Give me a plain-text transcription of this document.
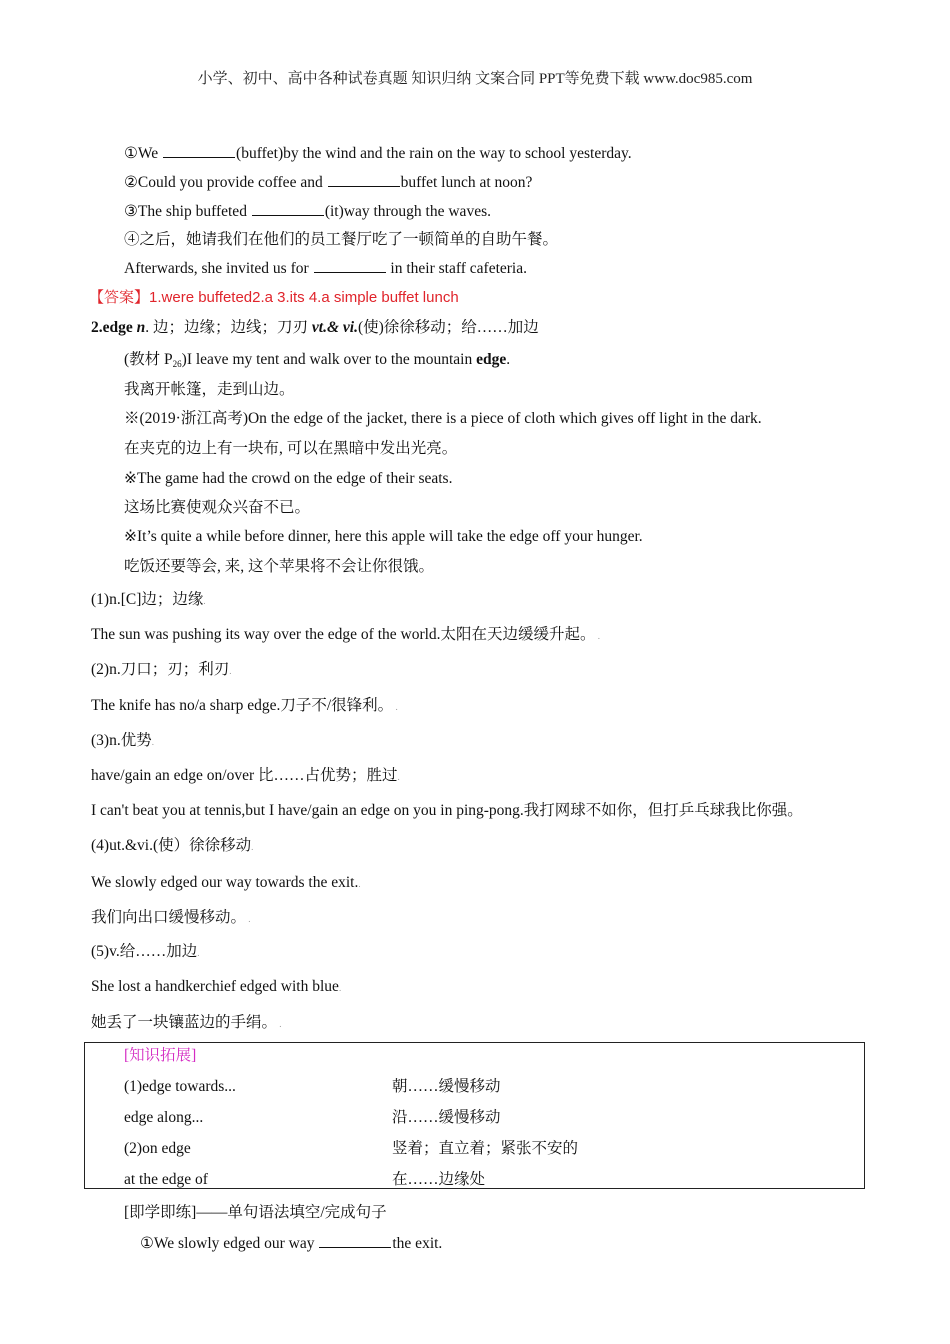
小学、初中、高中各种试卷真题 知识归纳 文案合同 PPT等免费下载 www.doc985.com
①We	(buffet)by the wind and the rain on the way to school yesterday.
②Could you provide coffee and	buffet lunch at noon?
③The ship buffeted	(it)way through the waves.
④之后，她请我们在他们的员工餐厅吃了一顿简单的自助午餐。
Afterwards, she invited us for	in their staff cafeteria.
【答案】1.were buffeted2.a 3.its 4.a simple buffet lunch
2.edge n. 边；边缘；边线；刀刃 vt.& vi.(使)徐徐移动；给……加边
(教材 $P_{26})I$ leave my tent and walk over to the mountain edge.
我离开帐篷，走到山边。
※(2019·浙江高考)On the edge of the jacket, there is a piece of cloth which gives off light in the dark.
在夹克的边上有一块布, 可以在黑暗中发出光亮。
※The game had the crowd on the edge of their seats.
这场比赛使观众兴奋不已。
※It’s quite a while before dinner, here this apple will take the edge off your hunger.
吃饭还要等会, 来, 这个苹果将不会让你很饿。
(1)n.[C]边；边缘.
The sun was pushing its way over the edge of the world.太阳在天边缓缓升起。 .
(2)n.刀口；刃；利刃.
The knife has no/a sharp edge.刀子不/很锋利。 .
(3)n.优势.
have/gain an edge on/over 比……占优势；胜过.
I can't beat you at tennis,but I have/gain an edge on you in ping-pong.我打网球不如你，但打乒乓球我比你强。
(4)ut.&vi.(使）徐徐移动.
We slowly edged our way towards the exit..
我们向出口缓慢移动。 .
(5)v.给……加边.
She lost a handkerchief edged with blue.
她丢了一块镶蓝边的手绢。 .
[知识拓展]
(1)edge towards...	朝……缓慢移动
edge along...	沿……缓慢移动
(2)on edge	竖着；直立着；紧张不安的
at the edge of	在……边缘处
[即学即练]——单句语法填空/完成句子
①We slowly edged our way	the exit.
